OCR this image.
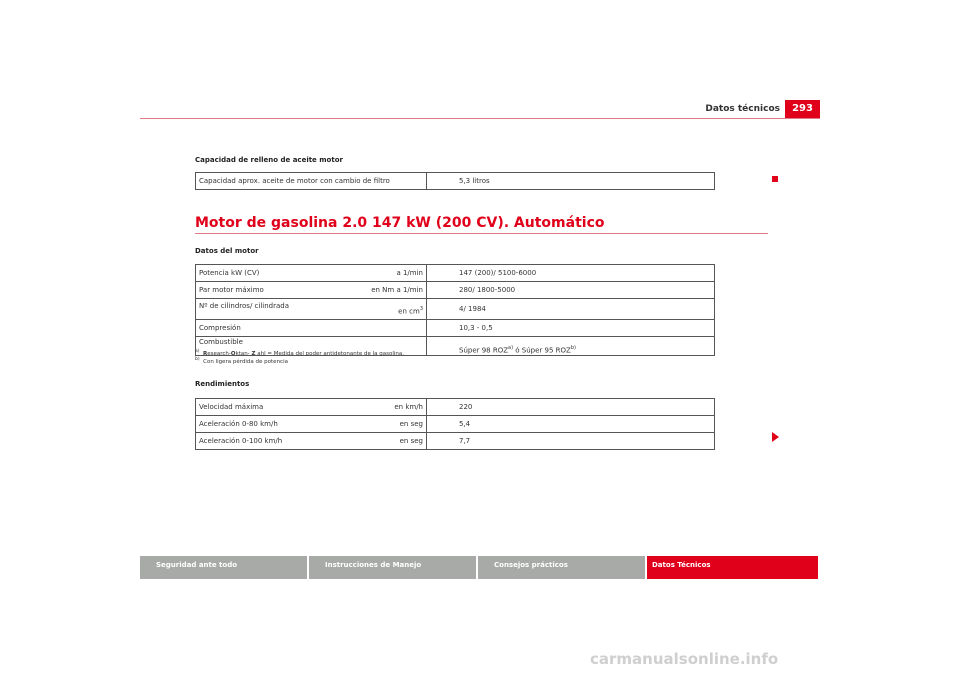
Datos técnicos	293
Capacidad de relleno de aceite motor
Capacidad aprox. aceite de motor con cambio de filtro	5,3 litros
Motor de gasolina 2.0 147 kW (200 CV). Automático
Datos del motor
Potencia kW (CV) a 1/min	147 (200)/ 5100-6000

Par motor máximo en Nm a 1/min	280/ 1800-5000

Nº de cilindros/ cilindrada
en $cm^3$	4/ 1984

Compresión	10,3 - 0,5

Combustible	Súper 98 ROZ$^{a)}$ ó Súper 95 ROZ$^{b)}$
$^{a)}$ Research-Oktan- Z ahl = Medida del poder antidetonante de la gasolina.
$^{b)}$ Con ligera pérdida de potencia
Rendimientos
Velocidad máxima en km/h	220

Aceleración 0-80 km/h en seg	5,4

Aceleración 0-100 km/h en seg	7,7
Seguridad ante todo	Instrucciones de Manejo	Consejos prácticos	Datos Técnicos
carmanualsonline.info
